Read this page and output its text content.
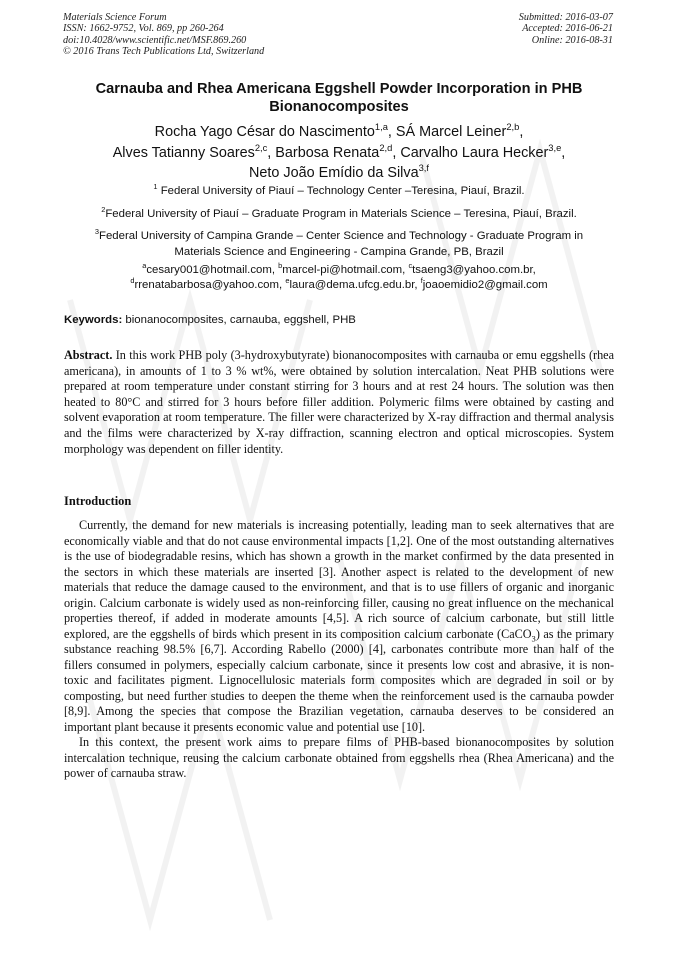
Materials Science Forum
ISSN: 1662-9752, Vol. 869, pp 260-264
doi:10.4028/www.scientific.net/MSF.869.260
© 2016 Trans Tech Publications Ltd, Switzerland
Submitted: 2016-03-07
Accepted: 2016-06-21
Online: 2016-08-31
Carnauba and Rhea Americana Eggshell Powder Incorporation in PHB
Bionanocomposites
Rocha Yago César do Nascimento$^{1,a}$, SÁ Marcel Leiner$^{2,b}$,
Alves Tatianny Soares$^{2,c}$, Barbosa Renata$^{2,d}$, Carvalho Laura Hecker$^{3,e}$,
Neto João Emídio da Silva$^{3,f}$
$^1$ Federal University of Piauí – Technology Center –Teresina, Piauí, Brazil.
$^2$Federal University of Piauí – Graduate Program in Materials Science – Teresina, Piauí, Brazil.
$^3$Federal University of Campina Grande – Center Science and Technology - Graduate Program in
Materials Science and Engineering - Campina Grande, PB, Brazil
$^a$cesary001@hotmail.com, $^b$marcel-pi@hotmail.com, $^c$tsaeng3@yahoo.com.br,
$^d$rrenatabarbosa@yahoo.com, $^e$laura@dema.ufcg.edu.br, $^f$joaoemidio2@gmail.com
Keywords: bionanocomposites, carnauba, eggshell, PHB
Abstract. In this work PHB poly (3-hydroxybutyrate) bionanocomposites with carnauba or emu eggshells (rhea americana), in amounts of 1 to 3 % wt%, were obtained by solution intercalation. Neat PHB solutions were prepared at room temperature under constant stirring for 3 hours and at rest 24 hours. The solution was then heated to 80°C and stirred for 3 hours before filler addition. Polymeric films were obtained by casting and solvent evaporation at room temperature. The filler were characterized by X-ray diffraction and thermal analysis and the films were characterized by X-ray diffraction, scanning electron and optical microscopies. System morphology was dependent on filler identity.
Introduction

Currently, the demand for new materials is increasing potentially, leading man to seek alternatives that are economically viable and that do not cause environmental impacts [1,2]. One of the most outstanding alternatives is the use of biodegradable resins, which has shown a growth in the market confirmed by the data presented in the sectors in which these materials are inserted [3]. Another aspect is related to the development of new materials that reduce the damage caused to the environment, and that is to use fillers of organic and inorganic origin. Calcium carbonate is widely used as non-reinforcing filler, causing no great influence on the mechanical properties thereof, if added in moderate amounts [4,5]. A rich source of calcium carbonate, but still little explored, are the eggshells of birds which present in its composition calcium carbonate (CaCO$_3$) as the primary substance reaching 98.5% [6,7]. According Rabello (2000) [4], carbonates contribute more than half of the fillers consumed in polymers, especially calcium carbonate, since it presents low cost and abrasive, it is non-toxic and facilitates pigment. Lignocellulosic materials form composites which are degraded in soil or by composting, but need further studies to deepen the theme when the reinforcement used is the carnauba powder [8,9]. Among the species that compose the Brazilian vegetation, carnauba deserves to be considered an important plant because it presents economic value and potential use [10].

In this context, the present work aims to prepare films of PHB-based bionanocomposites by solution intercalation technique, reusing the calcium carbonate obtained from eggshells rhea (Rhea Americana) and the power of carnauba straw.
